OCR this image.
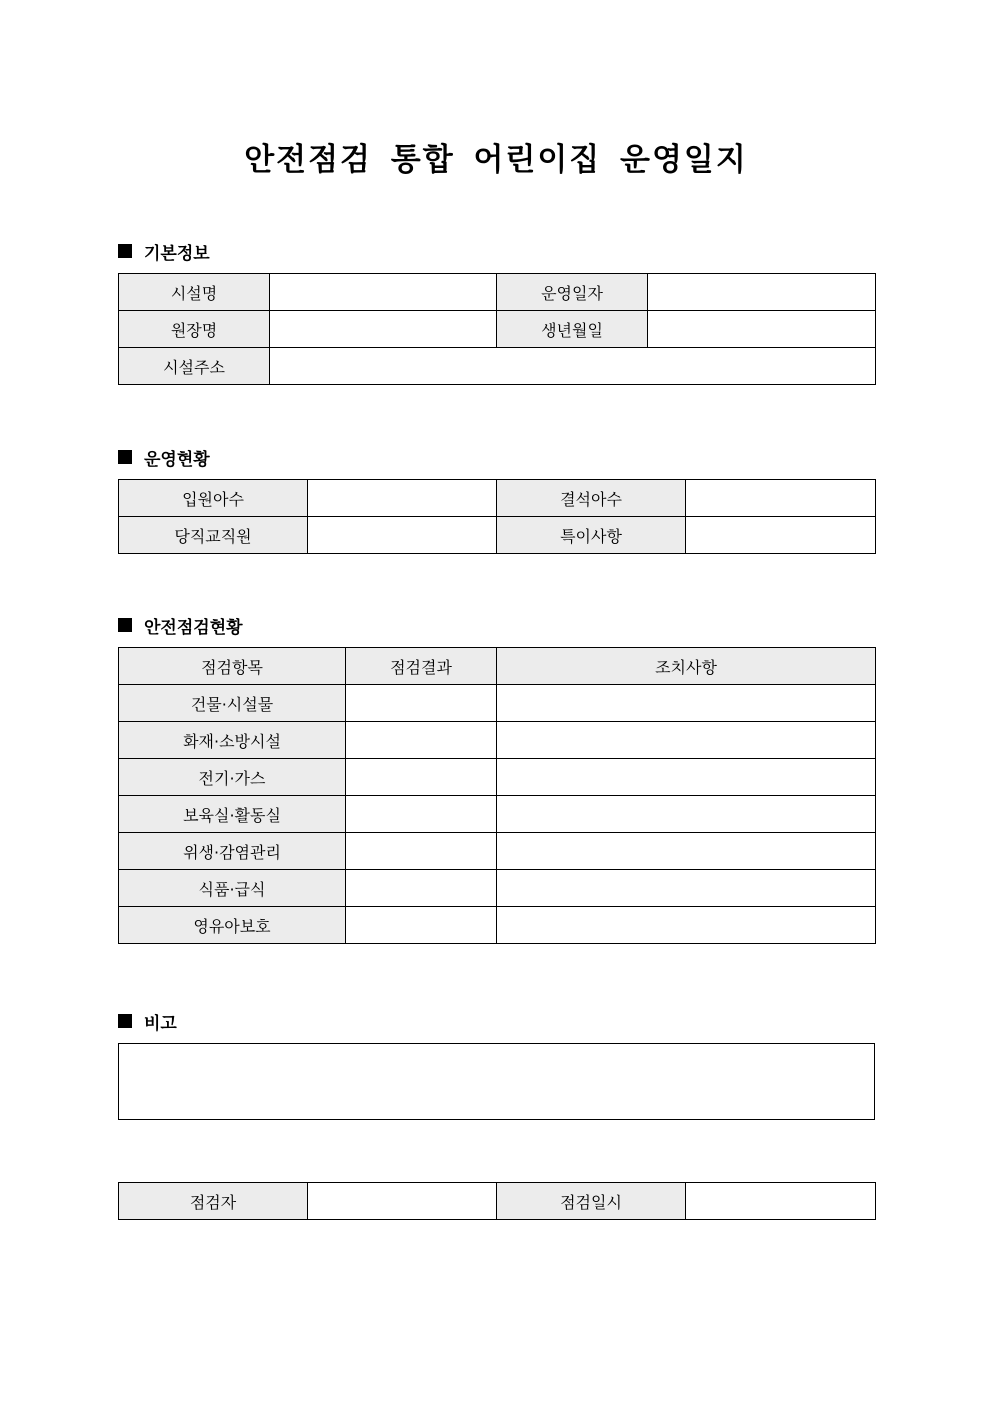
안전점검 통합 어린이집 운영일지
기본정보
시설명		운영일자	
원장명		생년월일	
시설주소			
운영현황
입원아수		결석아수	
당직교직원		특이사항	
안전점검현황
점검항목	점검결과	조치사항
건물·시설물		
화재·소방시설		
전기·가스		
보육실·활동실		
위생·감염관리		
식품·급식		
영유아보호		
비고
점검자		점검일시	
